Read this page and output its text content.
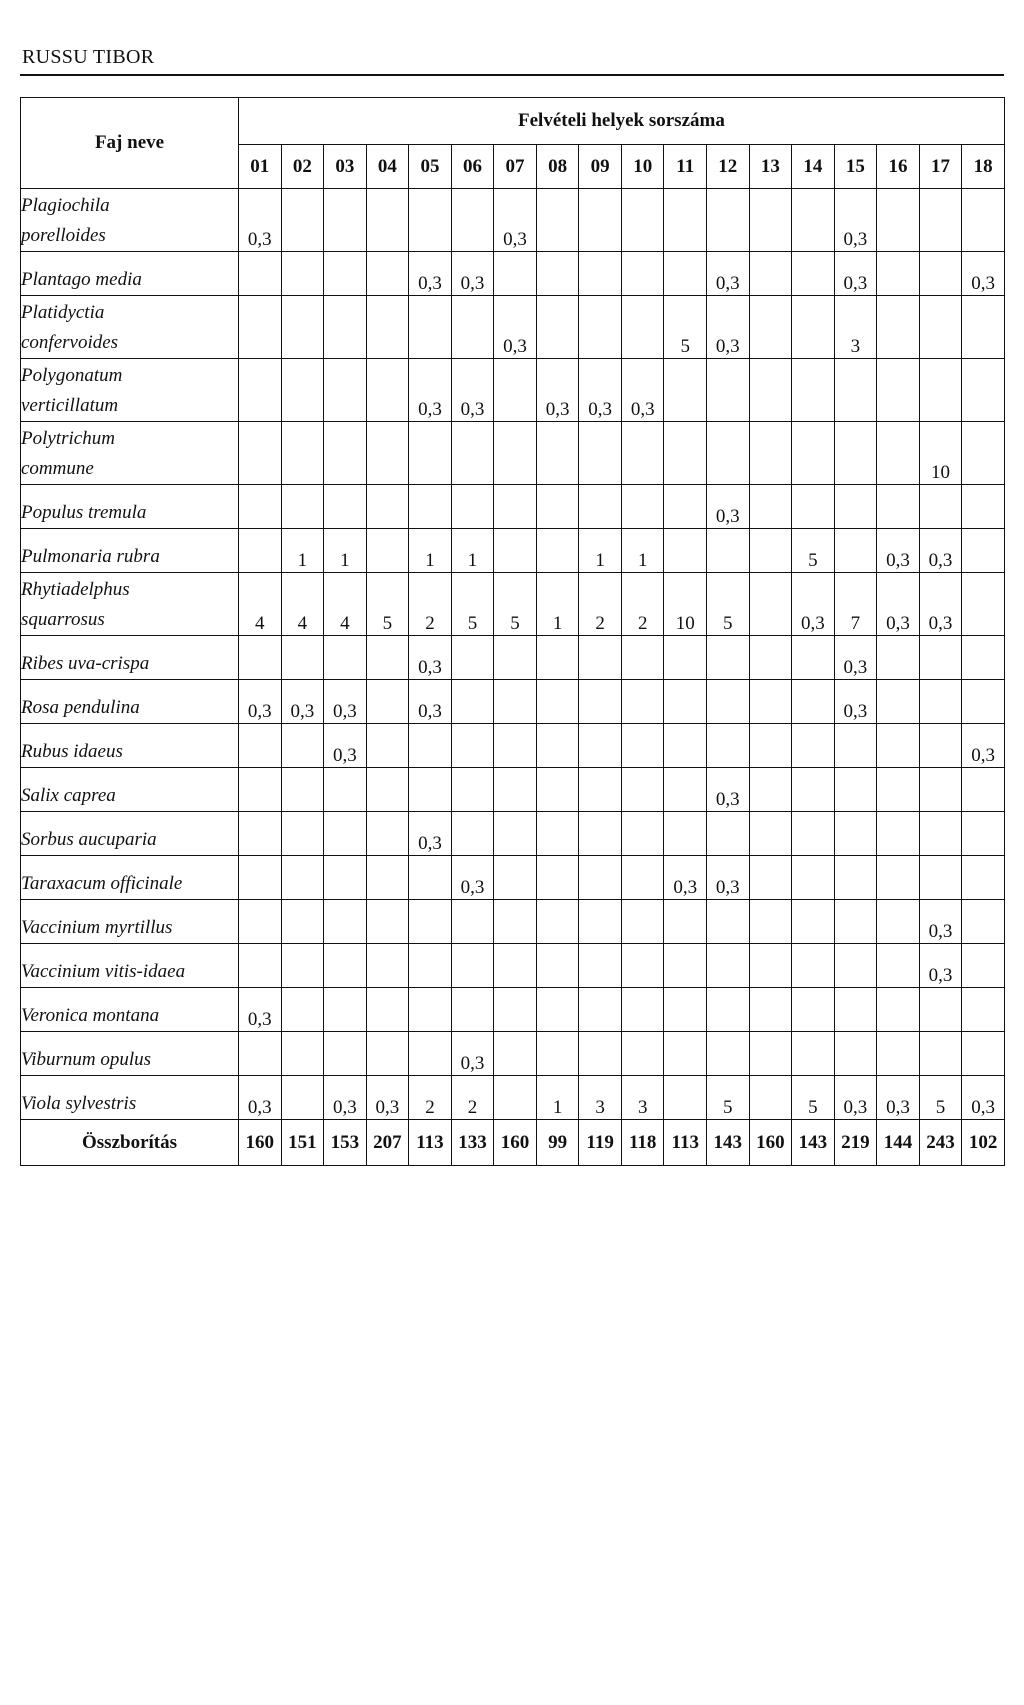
RUSSU TIBOR
Faj neve	Felvételi helyek sorszáma																	
	01	02	03	04	05	06	07	08	09	10	11	12	13	14	15	16	17	18

Plagiochila
porelloides	0,3						0,3								0,3			

Plantago media					0,3	0,3						0,3			0,3			0,3

Platidyctia
confervoides							0,3				5	0,3			3			

Polygonatum
verticillatum					0,3	0,3		0,3	0,3	0,3								

Polytrichum
commune																	10	

Populus tremula												0,3						

Pulmonaria rubra		1	1		1	1			1	1				5		0,3	0,3	

Rhytiadelphus
squarrosus	4	4	4	5	2	5	5	1	2	2	10	5		0,3	7	0,3	0,3	

Ribes uva-crispa					0,3										0,3			

Rosa pendulina	0,3	0,3	0,3		0,3										0,3			

Rubus idaeus			0,3															0,3

Salix caprea												0,3						

Sorbus aucuparia					0,3													

Taraxacum officinale						0,3					0,3	0,3						

Vaccinium myrtillus																	0,3	

Vaccinium vitis-idaea																	0,3	

Veronica montana	0,3																	

Viburnum opulus						0,3												

Viola sylvestris	0,3		0,3	0,3	2	2		1	3	3		5		5	0,3	0,3	5	0,3
Összborítás	160	151	153	207	113	133	160	99	119	118	113	143	160	143	219	144	243	102
